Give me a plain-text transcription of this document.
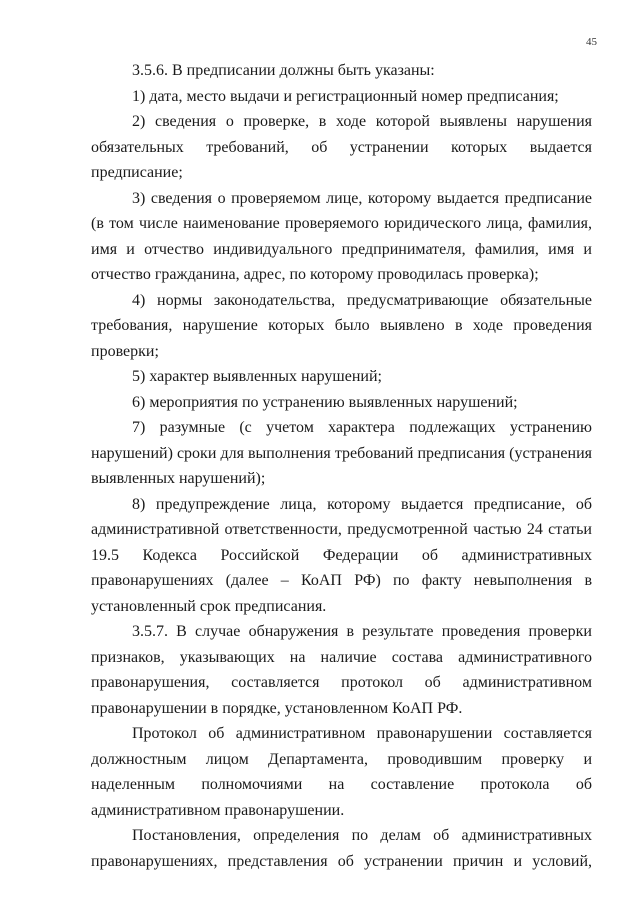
45

3.5.6. В предписании должны быть указаны:

1) дата, место выдачи и регистрационный номер предписания;

2) сведения о проверке, в ходе которой выявлены нарушения обязательных требований, об устранении которых выдается предписание;

3) сведения о проверяемом лице, которому выдается предписание (в том числе наименование проверяемого юридического лица, фамилия, имя и отчество индивидуального предпринимателя, фамилия, имя и отчество гражданина, адрес, по которому проводилась проверка);

4) нормы законодательства, предусматривающие обязательные требования, нарушение которых было выявлено в ходе проведения проверки;

5) характер выявленных нарушений;

6) мероприятия по устранению выявленных нарушений;

7) разумные (с учетом характера подлежащих устранению нарушений) сроки для выполнения требований предписания (устранения выявленных нарушений);

8) предупреждение лица, которому выдается предписание, об административной ответственности, предусмотренной частью 24 статьи 19.5 Кодекса Российской Федерации об административных правонарушениях (далее – КоАП РФ) по факту невыполнения в установленный срок предписания.

3.5.7. В случае обнаружения в результате проведения проверки признаков, указывающих на наличие состава административного правонарушения, составляется протокол об административном правонарушении в порядке, установленном КоАП РФ.

Протокол об административном правонарушении составляется должностным лицом Департамента, проводившим проверку и наделенным полномочиями на составление протокола об административном правонарушении.

Постановления, определения по делам об административных правонарушениях, представления об устранении причин и условий,
